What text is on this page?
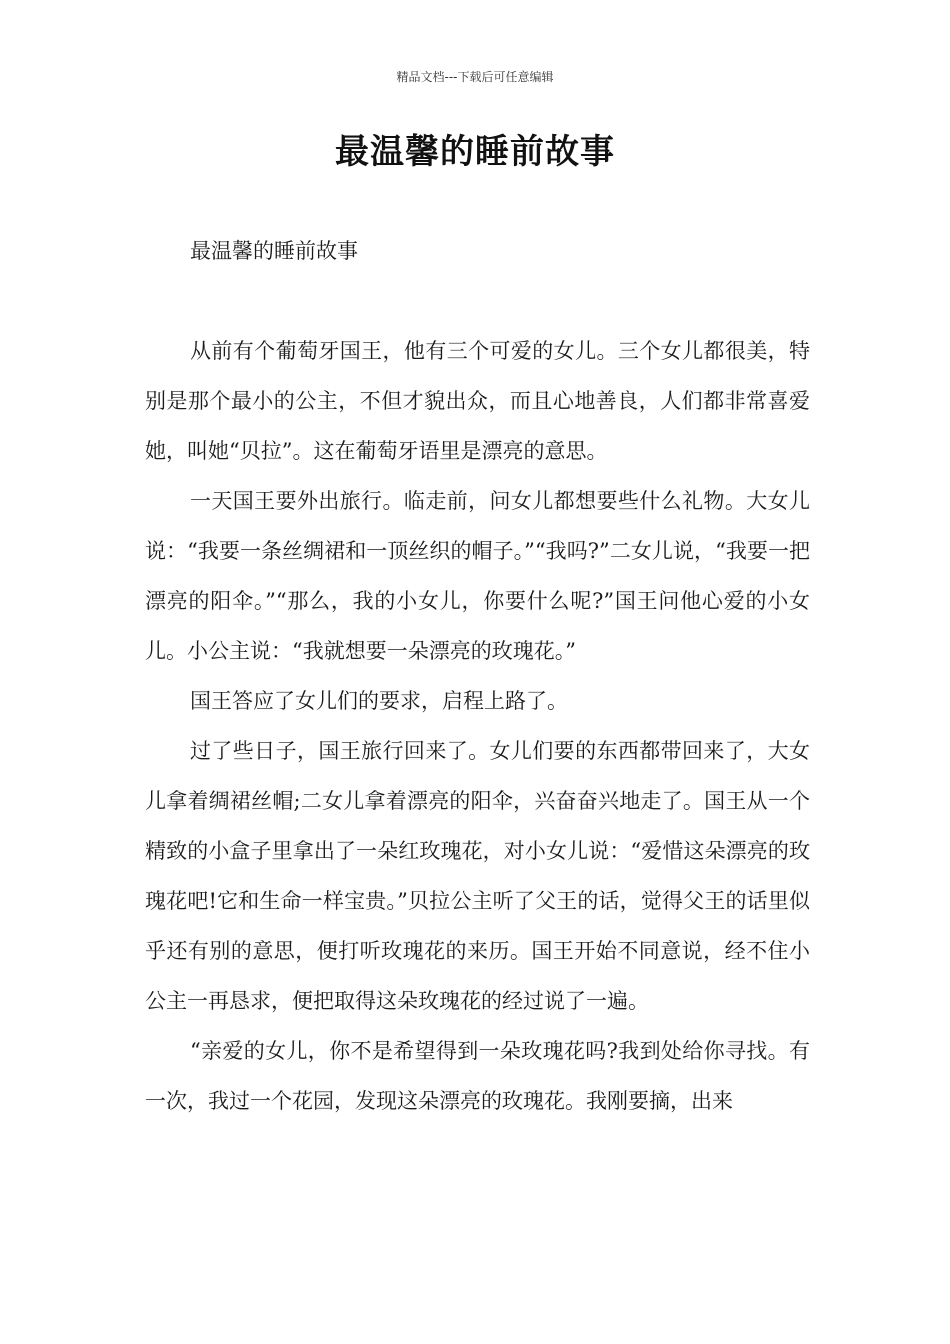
精品文档---下载后可任意编辑
最温馨的睡前故事

最温馨的睡前故事

从前有个葡萄牙国王，他有三个可爱的女儿。三个女儿都很美，特别是那个最小的公主，不但才貌出众，而且心地善良，人们都非常喜爱她，叫她“贝拉”。这在葡萄牙语里是漂亮的意思。

一天国王要外出旅行。临走前，问女儿都想要些什么礼物。大女儿说：“我要一条丝绸裙和一顶丝织的帽子。”“我吗?”二女儿说，“我要一把漂亮的阳伞。”“那么，我的小女儿，你要什么呢?”国王问他心爱的小女儿。小公主说：“我就想要一朵漂亮的玫瑰花。”

国王答应了女儿们的要求，启程上路了。

过了些日子，国王旅行回来了。女儿们要的东西都带回来了，大女儿拿着绸裙丝帽;二女儿拿着漂亮的阳伞，兴奋奋兴地走了。国王从一个精致的小盒子里拿出了一朵红玫瑰花，对小女儿说：“爱惜这朵漂亮的玫瑰花吧!它和生命一样宝贵。”贝拉公主听了父王的话，觉得父王的话里似乎还有别的意思，便打听玫瑰花的来历。国王开始不同意说，经不住小公主一再恳求，便把取得这朵玫瑰花的经过说了一遍。

“亲爱的女儿，你不是希望得到一朵玫瑰花吗?我到处给你寻找。有一次，我过一个花园，发现这朵漂亮的玫瑰花。我刚要摘，出来
